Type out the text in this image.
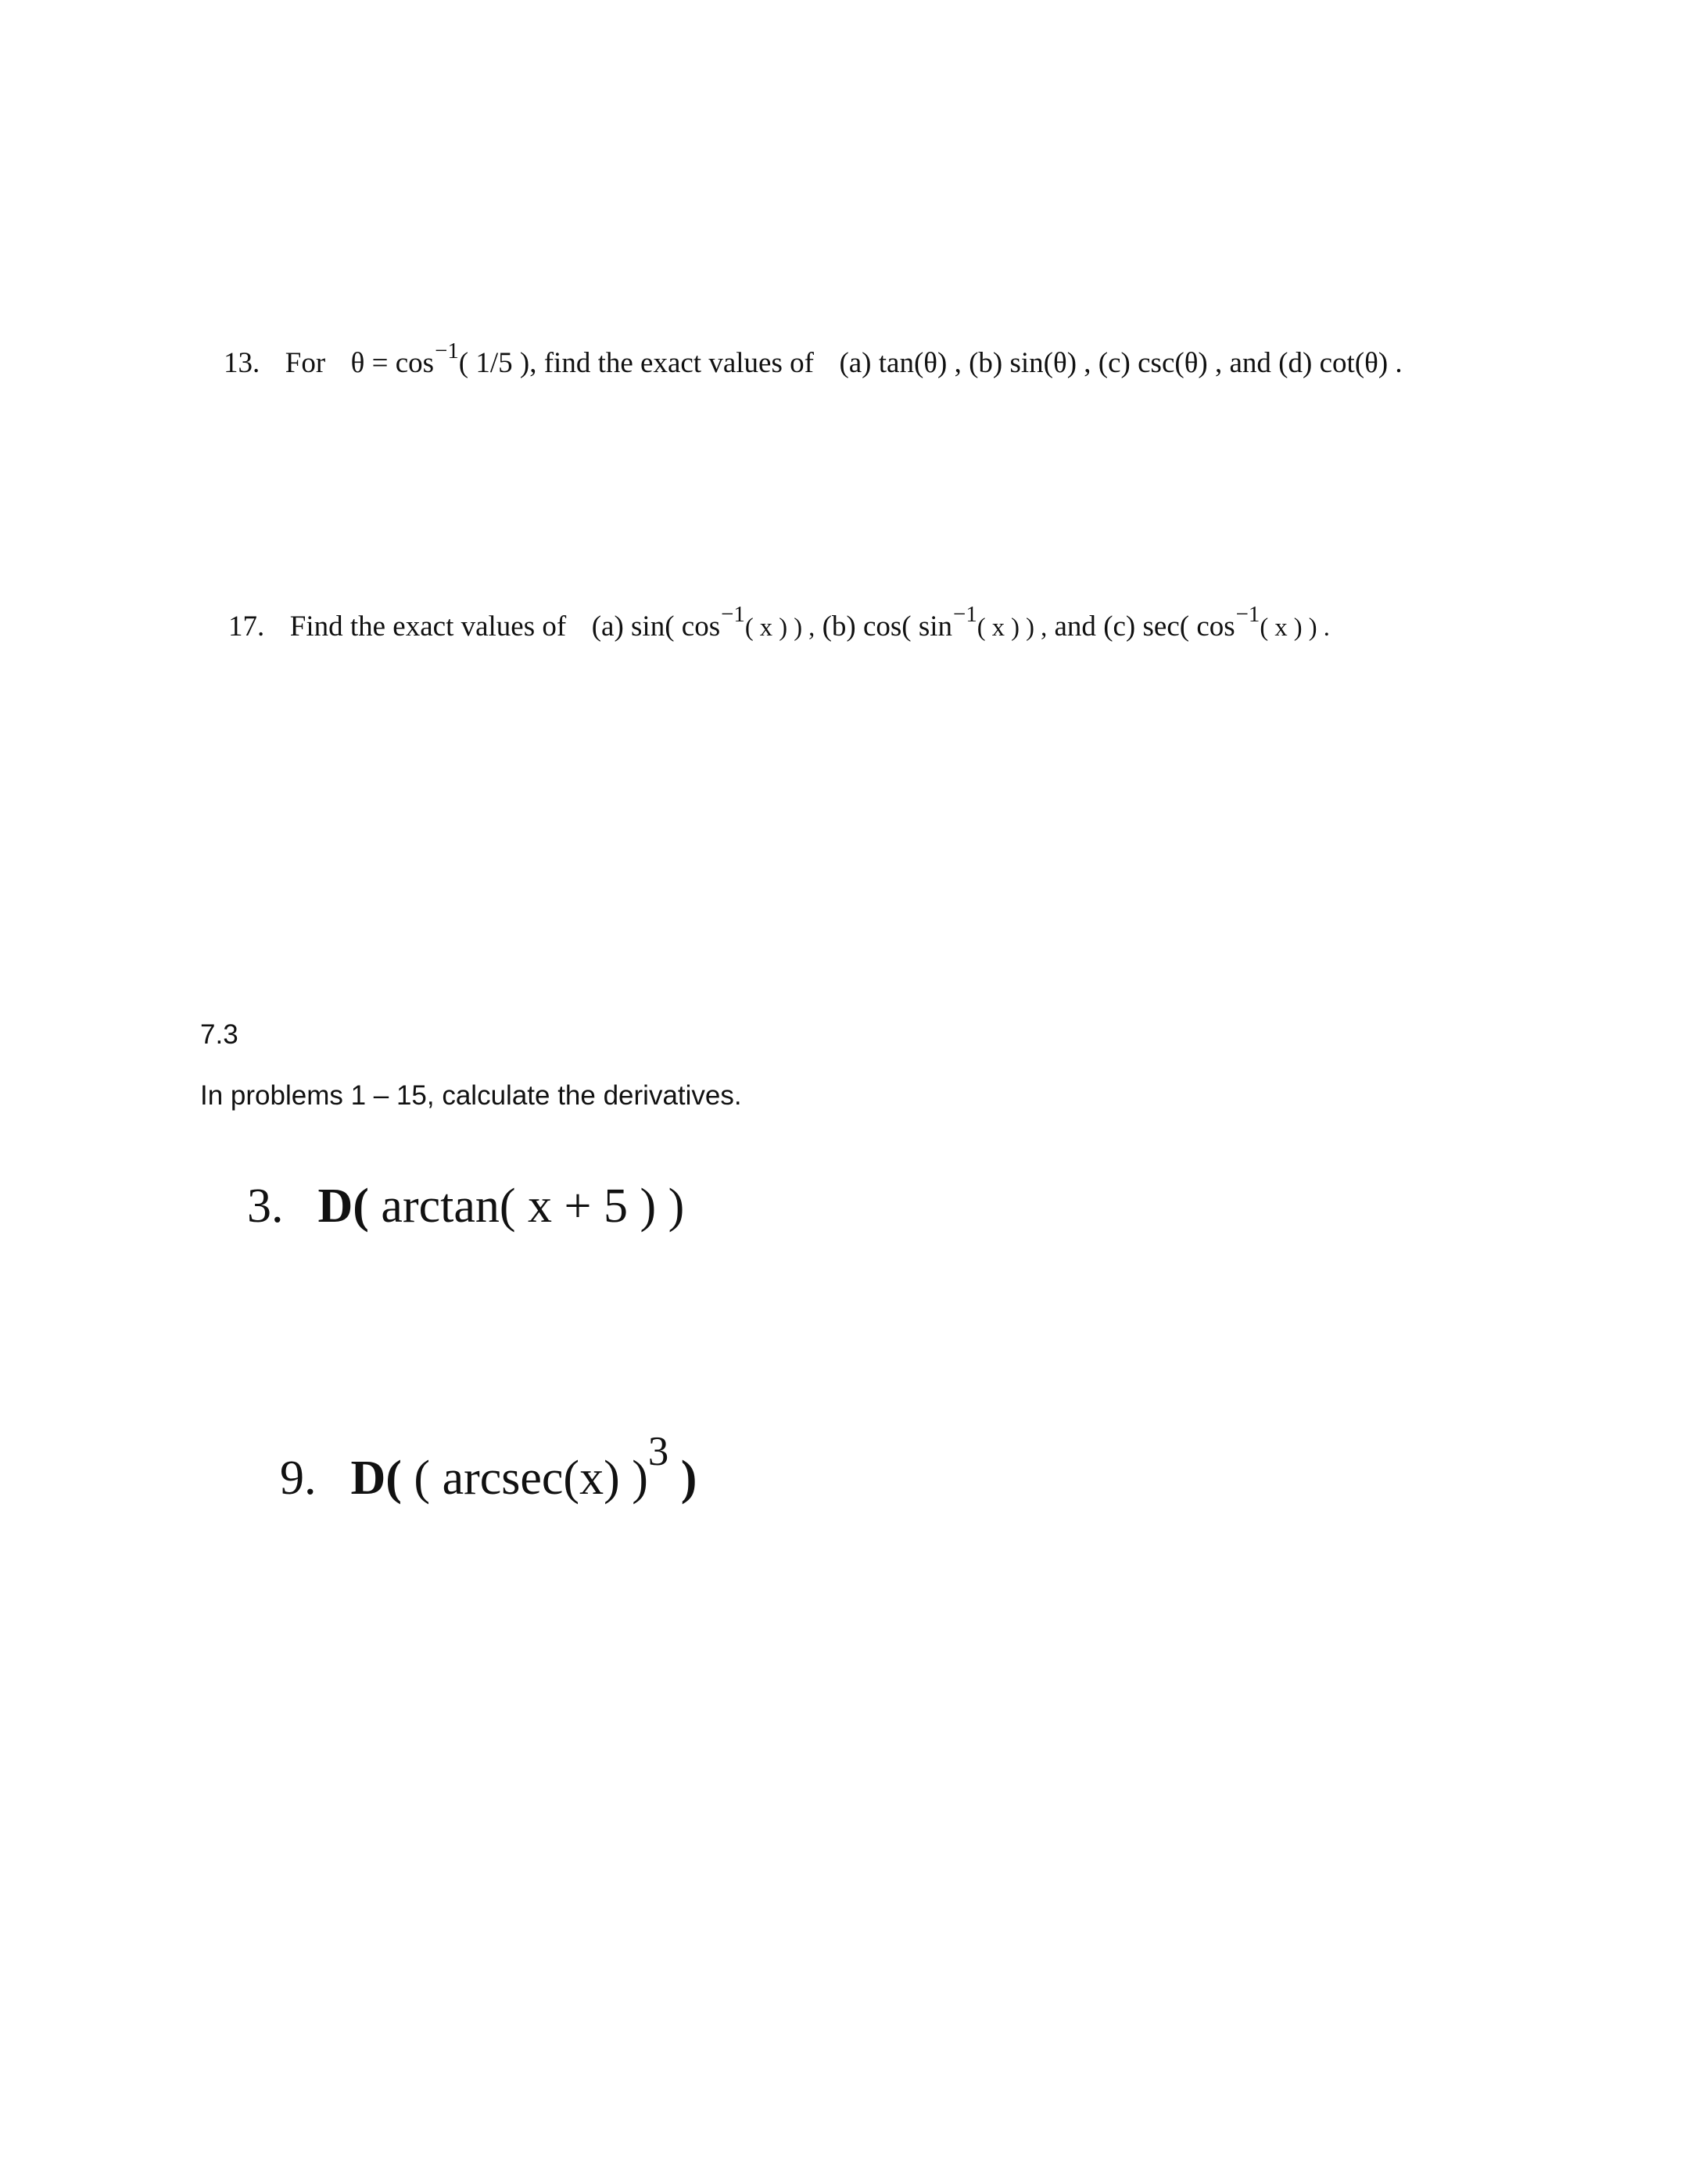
13. For $\theta = \cos^{-1}$( 1/5 ), find the exact values of (a) tan(θ) , (b) sin(θ) , (c) csc(θ) , and (d) cot(θ) .
17. Find the exact values of (a) sin( $\cos^{-1}$( x ) ) , (b) cos( $\sin^{-1}$( x ) ) , and (c) sec( $\cos^{-1}$( x ) ) .
7.3
In problems 1 – 15, calculate the derivatives.
3. D( arctan( x + 5 ) )
9. D( ( arcsec(x) )3 )
